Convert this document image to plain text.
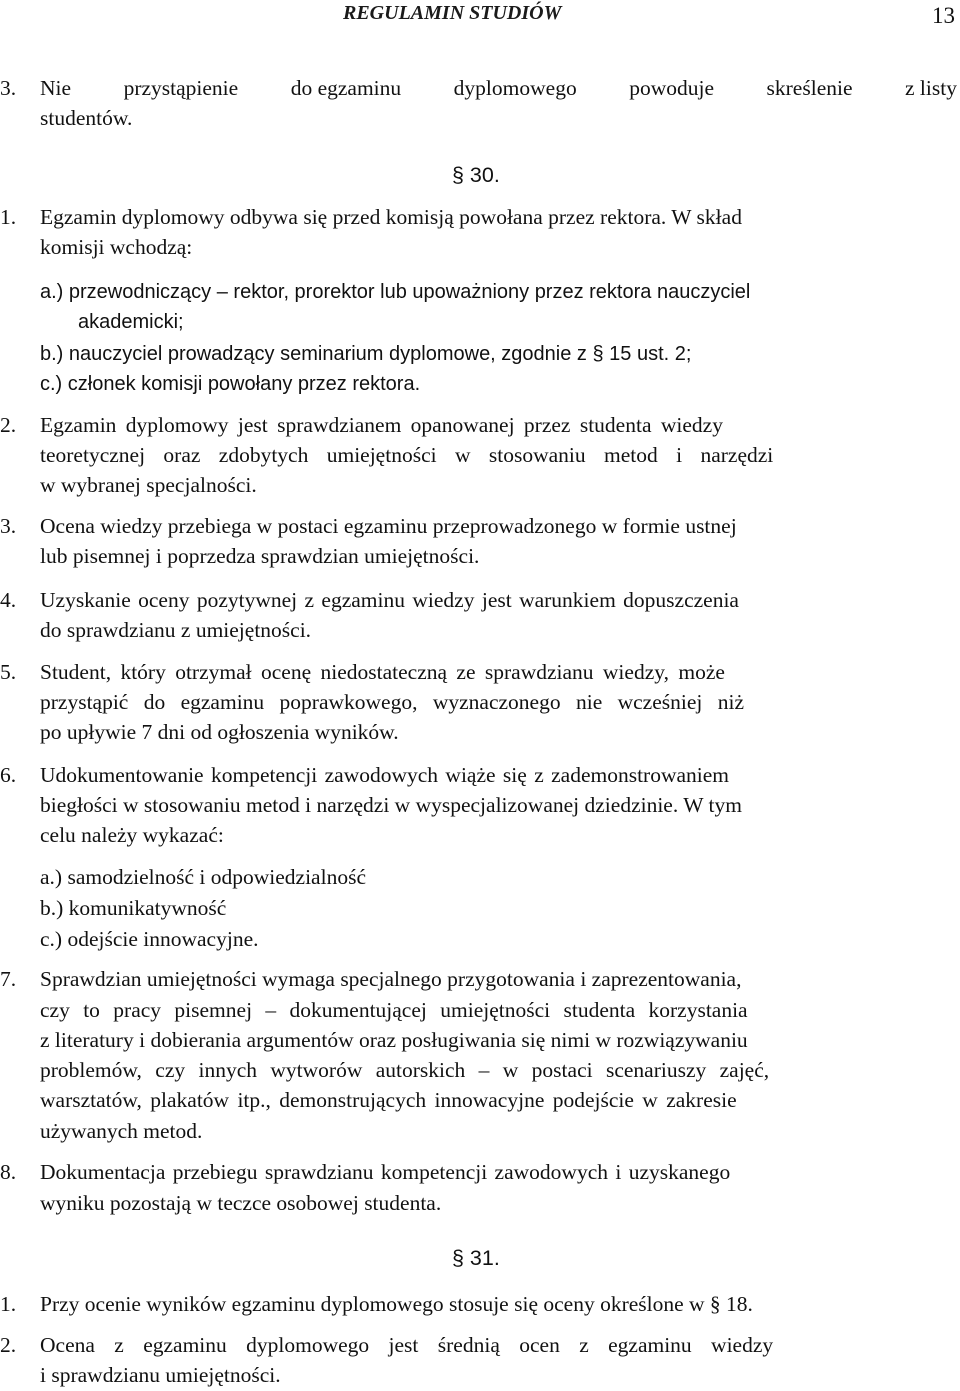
REGULAMIN STUDIÓW	13
3. Nie przystąpienie do egzaminu dyplomowego powoduje skreślenie z listy
studentów.
§ 30.
1. Egzamin dyplomowy odbywa się przed komisją powołana przez rektora. W skład
komisji wchodzą:
a.) przewodniczący – rektor, prorektor lub upoważniony przez rektora nauczyciel
akademicki;
b.) nauczyciel prowadzący seminarium dyplomowe, zgodnie z § 15 ust. 2;
c.) członek komisji powołany przez rektora.
2. Egzamin dyplomowy jest sprawdzianem opanowanej przez studenta wiedzy
teoretycznej oraz zdobytych umiejętności w stosowaniu metod i narzędzi
w wybranej specjalności.
3. Ocena wiedzy przebiega w postaci egzaminu przeprowadzonego w formie ustnej
lub pisemnej i poprzedza sprawdzian umiejętności.
4. Uzyskanie oceny pozytywnej z egzaminu wiedzy jest warunkiem dopuszczenia
do sprawdzianu z umiejętności.
5. Student, który otrzymał ocenę niedostateczną ze sprawdzianu wiedzy, może
przystąpić do egzaminu poprawkowego, wyznaczonego nie wcześniej niż
po upływie 7 dni od ogłoszenia wyników.
6. Udokumentowanie kompetencji zawodowych wiąże się z zademonstrowaniem
biegłości w stosowaniu metod i narzędzi w wyspecjalizowanej dziedzinie. W tym
celu należy wykazać:
a.) samodzielność i odpowiedzialność
b.) komunikatywność
c.) odejście innowacyjne.
7. Sprawdzian umiejętności wymaga specjalnego przygotowania i zaprezentowania,
czy to pracy pisemnej – dokumentującej umiejętności studenta korzystania
z literatury i dobierania argumentów oraz posługiwania się nimi w rozwiązywaniu
problemów, czy innych wytworów autorskich – w postaci scenariuszy zajęć,
warsztatów, plakatów itp., demonstrujących innowacyjne podejście w zakresie
używanych metod.
8. Dokumentacja przebiegu sprawdzianu kompetencji zawodowych i uzyskanego
wyniku pozostają w teczce osobowej studenta.
§ 31.
1. Przy ocenie wyników egzaminu dyplomowego stosuje się oceny określone w § 18.
2. Ocena z egzaminu dyplomowego jest średnią ocen z egzaminu wiedzy
i sprawdzianu umiejętności.
